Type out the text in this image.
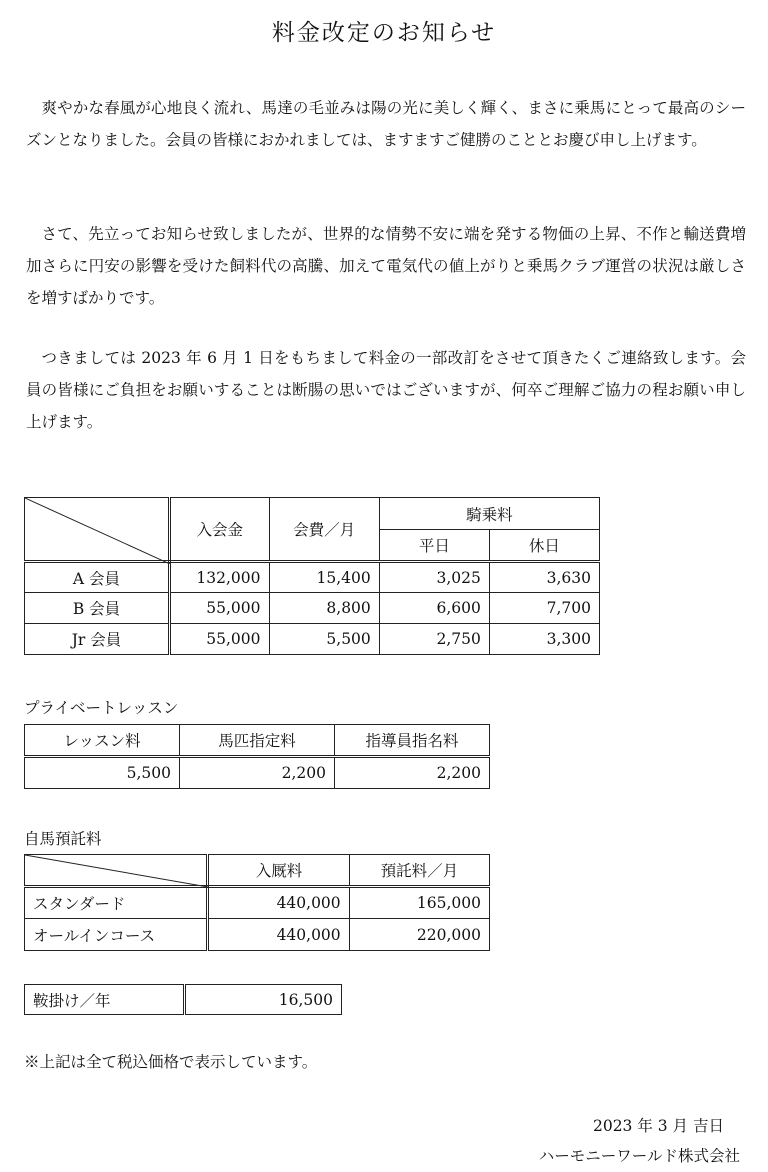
料金改定のお知らせ

爽やかな春風が心地良く流れ、馬達の毛並みは陽の光に美しく輝く、まさに乗馬にとって最高のシーズンとなりました。会員の皆様におかれましては、ますますご健勝のこととお慶び申し上げます。

さて、先立ってお知らせ致しましたが、世界的な情勢不安に端を発する物価の上昇、不作と輸送費増加さらに円安の影響を受けた飼料代の高騰、加えて電気代の値上がりと乗馬クラブ運営の状況は厳しさを増すばかりです。

つきましては 2023 年 6 月 1 日をもちまして料金の一部改訂をさせて頂きたくご連絡致します。会員の皆様にご負担をお願いすることは断腸の思いではございますが、何卒ご理解ご協力の程お願い申し上げます。

	入会金	会費／月	騎乗料	
			平日	休日
A 会員	132,000	15,400	3,025	3,630
B 会員	55,000	8,800	6,600	7,700
Jr 会員	55,000	5,500	2,750	3,300
プライベートレッスン
レッスン料	馬匹指定料	指導員指名料
5,500	2,200	2,200
自馬預託料
	入厩料	預託料／月
スタンダード	440,000	165,000
オールインコース	440,000	220,000
鞍掛け／年	16,500
※上記は全て税込価格で表示しています。
2023 年 3 月 吉日
ハーモニーワールド株式会社
